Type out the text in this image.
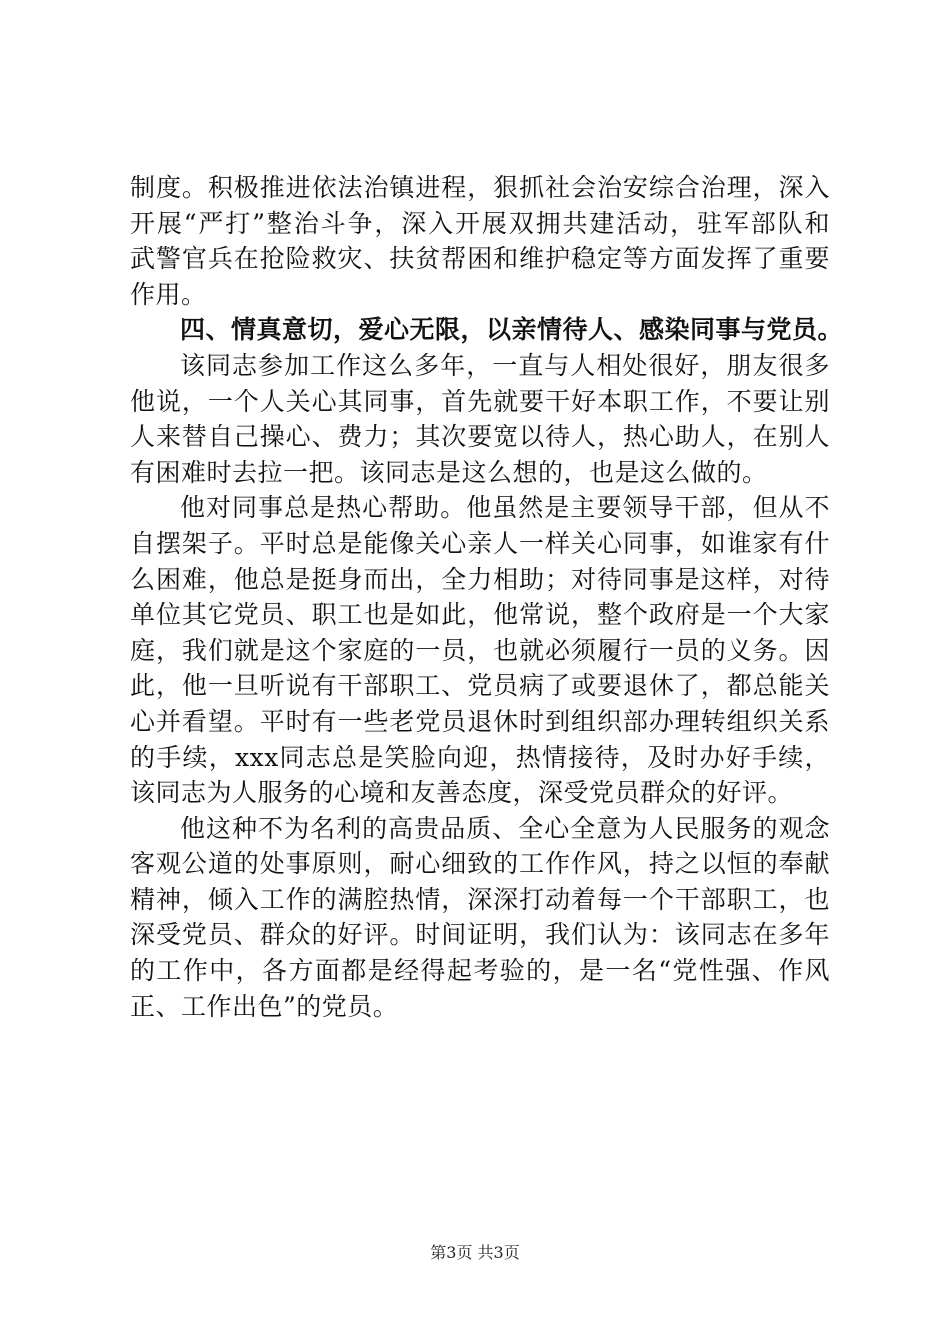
制度。积极推进依法治镇进程，狠抓社会治安综合治理，深入
开展“严打”整治斗争，深入开展双拥共建活动，驻军部队和
武警官兵在抢险救灾、扶贫帮困和维护稳定等方面发挥了重要
作用。
四、情真意切，爱心无限，以亲情待人、感染同事与党员。
该同志参加工作这么多年，一直与人相处很好，朋友很多
他说，一个人关心其同事，首先就要干好本职工作，不要让别
人来替自己操心、费力；其次要宽以待人，热心助人，在别人
有困难时去拉一把。该同志是这么想的，也是这么做的。
他对同事总是热心帮助。他虽然是主要领导干部，但从不
自摆架子。平时总是能像关心亲人一样关心同事，如谁家有什
么困难，他总是挺身而出，全力相助；对待同事是这样，对待
单位其它党员、职工也是如此，他常说，整个政府是一个大家
庭，我们就是这个家庭的一员，也就必须履行一员的义务。因
此，他一旦听说有干部职工、党员病了或要退休了，都总能关
心并看望。平时有一些老党员退休时到组织部办理转组织关系
的手续，xxx同志总是笑脸向迎，热情接待，及时办好手续，
该同志为人服务的心境和友善态度，深受党员群众的好评。
他这种不为名利的高贵品质、全心全意为人民服务的观念
客观公道的处事原则，耐心细致的工作作风，持之以恒的奉献
精神，倾入工作的满腔热情，深深打动着每一个干部职工，也
深受党员、群众的好评。时间证明，我们认为：该同志在多年
的工作中，各方面都是经得起考验的，是一名“党性强、作风
正、工作出色”的党员。
第3页 共3页
